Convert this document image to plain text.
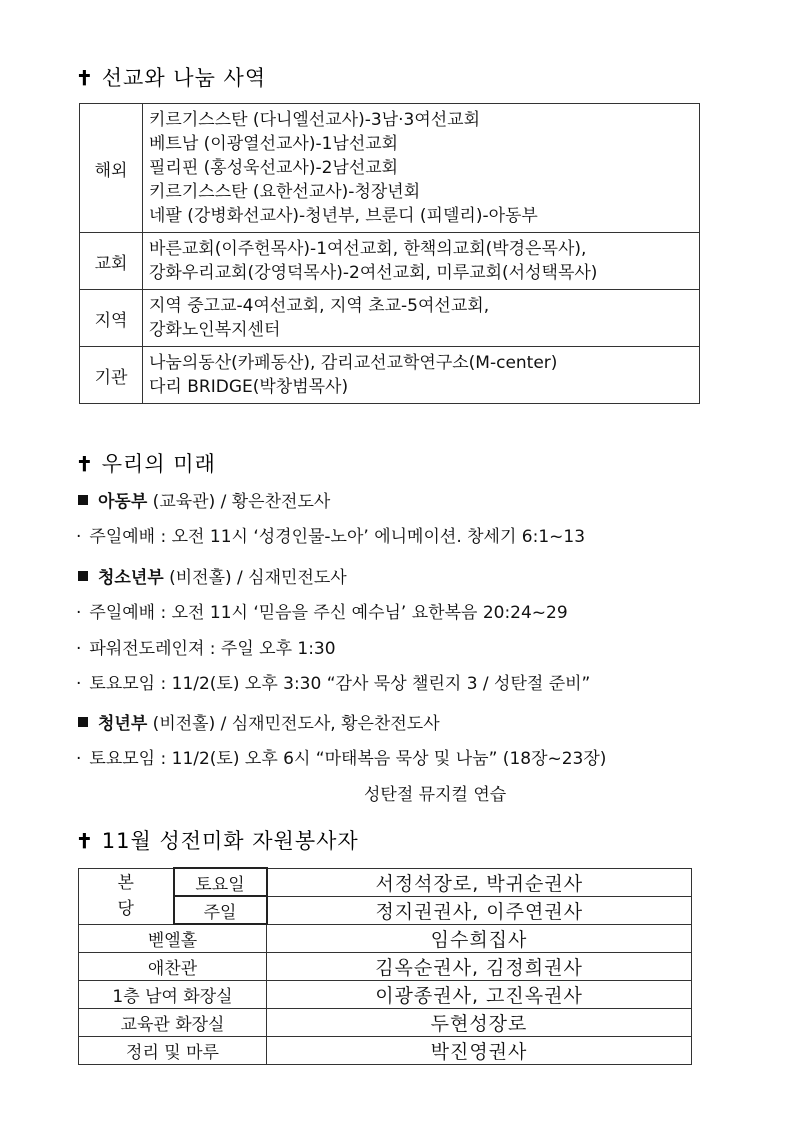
✝ 선교와 나눔 사역
해외	키르기스스탄 (다니엘선교사)-3남·3여선교회
베트남 (이광열선교사)-1남선교회
필리핀 (홍성욱선교사)-2남선교회
키르기스스탄 (요한선교사)-청장년회
네팔 (강병화선교사)-청년부, 브룬디 (피델리)-아동부

교회	바른교회(이주헌목사)-1여선교회, 한책의교회(박경은목사),
강화우리교회(강영덕목사)-2여선교회, 미루교회(서성택목사)

지역	지역 중고교-4여선교회, 지역 초교-5여선교회,
강화노인복지센터

기관	나눔의동산(카페동산), 감리교선교학연구소(M-center)
다리 BRIDGE(박창범목사)
✝ 우리의 미래
아동부 (교육관) / 황은찬전도사
· 주일예배 : 오전 11시 ‘성경인물-노아’ 에니메이션. 창세기 6:1~13
청소년부 (비전홀) / 심재민전도사
· 주일예배 : 오전 11시 ‘믿음을 주신 예수님’ 요한복음 20:24~29
· 파워전도레인져 : 주일 오후 1:30
· 토요모임 : 11/2(토) 오후 3:30 “감사 묵상 챌린지 3 / 성탄절 준비”
청년부 (비전홀) / 심재민전도사, 황은찬전도사
· 토요모임 : 11/2(토) 오후 6시 “마태복음 묵상 및 나눔” (18장~23장)
성탄절 뮤지컬 연습
✝ 11월 성전미화 자원봉사자
본
당	토요일	서정석장로, 박귀순권사
	주일	정지권권사, 이주연권사
벧엘홀		임수희집사
애찬관		김옥순권사, 김정희권사
1층 남여 화장실		이광종권사, 고진옥권사
교육관 화장실		두현성장로
정리 및 마루		박진영권사
